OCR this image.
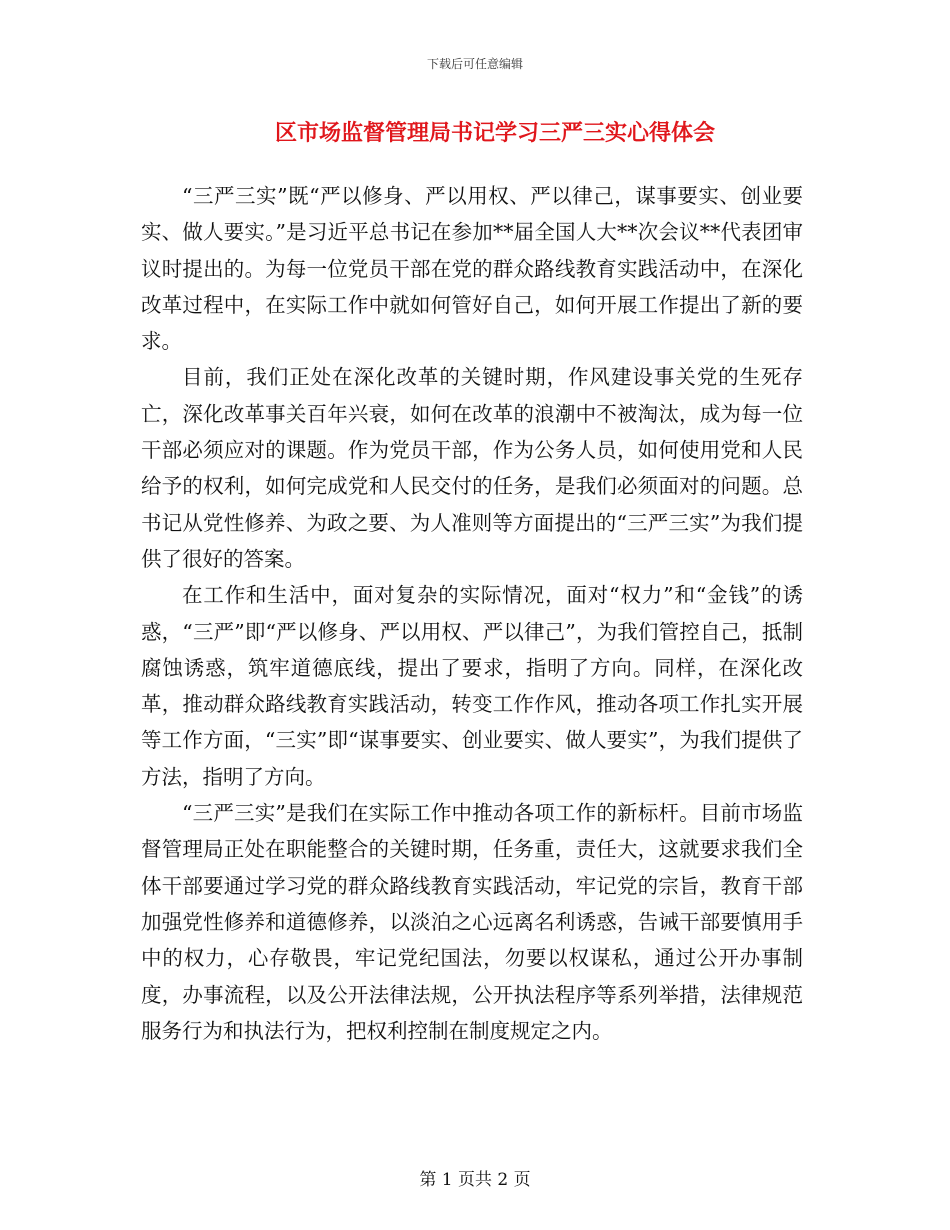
下载后可任意编辑
区市场监督管理局书记学习三严三实心得体会

“三严三实”既“严以修身、严以用权、严以律己，谋事要实、创业要实、做人要实。”是习近平总书记在参加**届全国人大**次会议**代表团审议时提出的。为每一位党员干部在党的群众路线教育实践活动中，在深化改革过程中，在实际工作中就如何管好自己，如何开展工作提出了新的要求。

目前，我们正处在深化改革的关键时期，作风建设事关党的生死存亡，深化改革事关百年兴衰，如何在改革的浪潮中不被淘汰，成为每一位干部必须应对的课题。作为党员干部，作为公务人员，如何使用党和人民给予的权利，如何完成党和人民交付的任务，是我们必须面对的问题。总书记从党性修养、为政之要、为人准则等方面提出的“三严三实”为我们提供了很好的答案。

在工作和生活中，面对复杂的实际情况，面对“权力”和“金钱”的诱惑，“三严”即“严以修身、严以用权、严以律己”，为我们管控自己，抵制腐蚀诱惑，筑牢道德底线，提出了要求，指明了方向。同样，在深化改革，推动群众路线教育实践活动，转变工作作风，推动各项工作扎实开展等工作方面，“三实”即“谋事要实、创业要实、做人要实”，为我们提供了方法，指明了方向。

“三严三实”是我们在实际工作中推动各项工作的新标杆。目前市场监督管理局正处在职能整合的关键时期，任务重，责任大，这就要求我们全体干部要通过学习党的群众路线教育实践活动，牢记党的宗旨，教育干部加强党性修养和道德修养，以淡泊之心远离名利诱惑，告诫干部要慎用手中的权力，心存敬畏，牢记党纪国法，勿要以权谋私，通过公开办事制度，办事流程，以及公开法律法规，公开执法程序等系列举措，法律规范服务行为和执法行为，把权利控制在制度规定之内。

第 1 页共 2 页
